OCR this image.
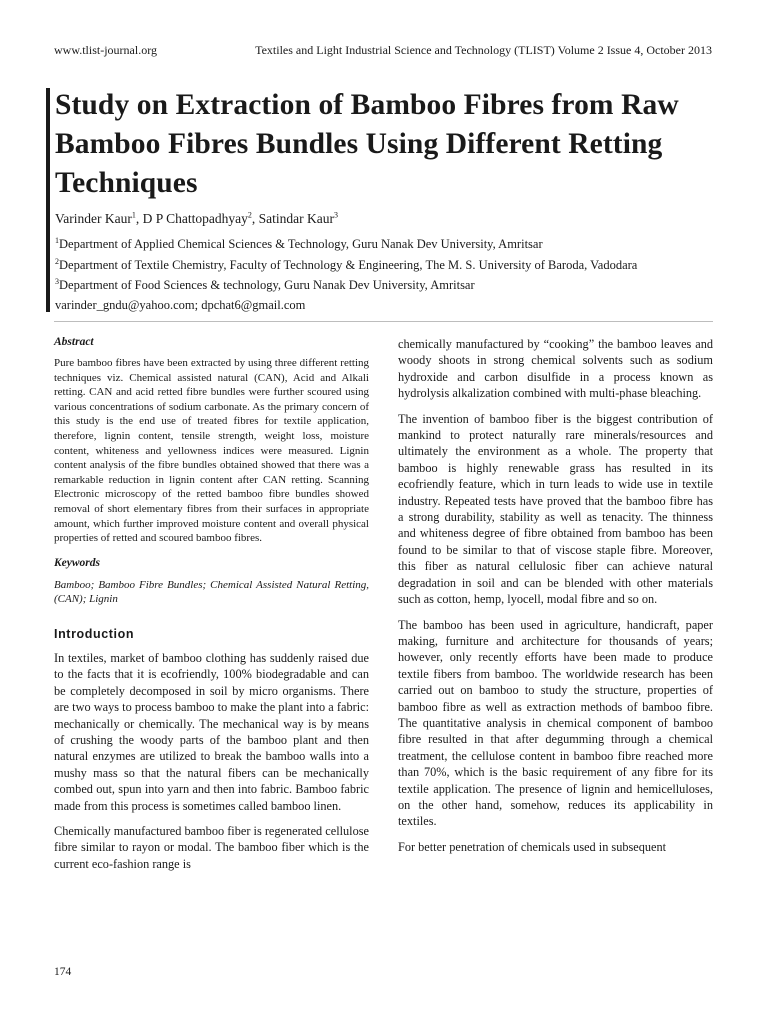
www.tlist-journal.org	Textiles and Light Industrial Science and Technology (TLIST) Volume 2 Issue 4, October 2013
Study on Extraction of Bamboo Fibres from Raw Bamboo Fibres Bundles Using Different Retting Techniques
Varinder Kaur$^1$, D P Chattopadhyay$^2$, Satindar Kaur$^3$
$^1$Department of Applied Chemical Sciences & Technology, Guru Nanak Dev University, Amritsar
$^2$Department of Textile Chemistry, Faculty of Technology & Engineering, The M. S. University of Baroda, Vadodara
$^3$Department of Food Sciences & technology, Guru Nanak Dev University, Amritsar
varinder_gndu@yahoo.com; dpchat6@gmail.com

Abstract

Pure bamboo fibres have been extracted by using three different retting techniques viz. Chemical assisted natural (CAN), Acid and Alkali retting. CAN and acid retted fibre bundles were further scoured using various concentrations of sodium carbonate. As the primary concern of this study is the end use of treated fibres for textile application, therefore, lignin content, tensile strength, weight loss, moisture content, whiteness and yellowness indices were measured. Lignin content analysis of the fibre bundles obtained showed that there was a remarkable reduction in lignin content after CAN retting. Scanning Electronic microscopy of the retted bamboo fibre bundles showed removal of short elementary fibres from their surfaces in appropriate amount, which further improved moisture content and overall physical properties of retted and scoured bamboo fibres.

Keywords

Bamboo; Bamboo Fibre Bundles; Chemical Assisted Natural Retting, (CAN); Lignin

Introduction

In textiles, market of bamboo clothing has suddenly raised due to the facts that it is ecofriendly, 100% biodegradable and can be completely decomposed in soil by micro organisms. There are two ways to process bamboo to make the plant into a fabric: mechanically or chemically. The mechanical way is by means of crushing the woody parts of the bamboo plant and then natural enzymes are utilized to break the bamboo walls into a mushy mass so that the natural fibers can be mechanically combed out, spun into yarn and then into fabric. Bamboo fabric made from this process is sometimes called bamboo linen.

Chemically manufactured bamboo fiber is regenerated cellulose fibre similar to rayon or modal. The bamboo fiber which is the current eco-fashion range is

chemically manufactured by “cooking” the bamboo leaves and woody shoots in strong chemical solvents such as sodium hydroxide and carbon disulfide in a process known as hydrolysis alkalization combined with multi-phase bleaching.

The invention of bamboo fiber is the biggest contribution of mankind to protect naturally rare minerals/resources and ultimately the environment as a whole. The property that bamboo is highly renewable grass has resulted in its ecofriendly feature, which in turn leads to wide use in textile industry. Repeated tests have proved that the bamboo fibre has a strong durability, stability as well as tenacity. The thinness and whiteness degree of fibre obtained from bamboo has been found to be similar to that of viscose staple fibre. Moreover, this fiber as natural cellulosic fiber can achieve natural degradation in soil and can be blended with other materials such as cotton, hemp, lyocell, modal fibre and so on.

The bamboo has been used in agriculture, handicraft, paper making, furniture and architecture for thousands of years; however, only recently efforts have been made to produce textile fibers from bamboo. The worldwide research has been carried out on bamboo to study the structure, properties of bamboo fibre as well as extraction methods of bamboo fibre. The quantitative analysis in chemical component of bamboo fibre resulted in that after degumming through a chemical treatment, the cellulose content in bamboo fibre reached more than 70%, which is the basic requirement of any fibre for its textile application. The presence of lignin and hemicelluloses, on the other hand, somehow, reduces its applicability in textiles.

For better penetration of chemicals used in subsequent

174
